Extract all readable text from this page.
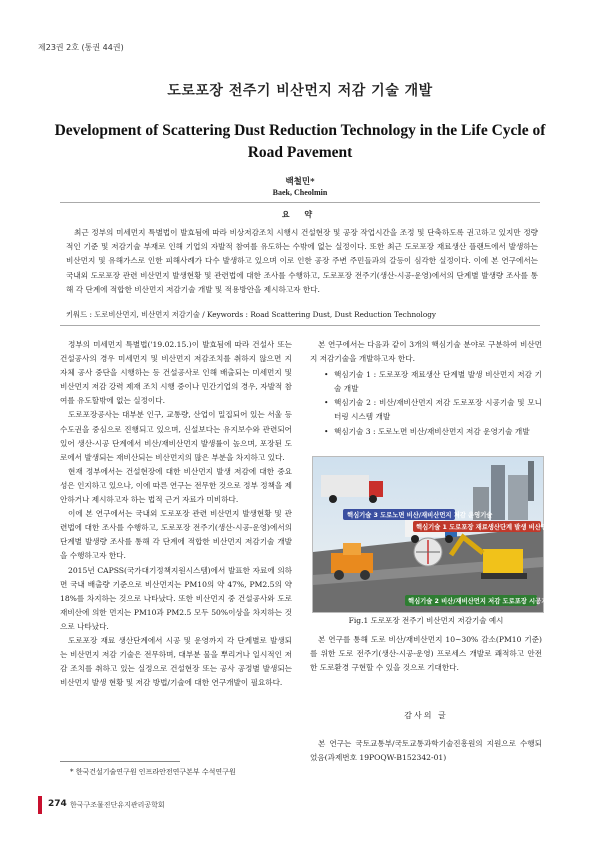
제23권 2호 (통권 44권)
도로포장 전주기 비산먼지 저감 기술 개발
Development of Scattering Dust Reduction Technology in the Life Cycle of
Road Pavement
백철민*
Baek, Cheolmin
요 약
최근 정부의 미세먼지 특별법이 발효됨에 따라 비상저감조치 시행시 건설현장 및 공장 작업시간을 조정 및 단축하도록 권고하고 있지만 정량적인 기준 및 저감기술 부재로 인해 기업의 자발적 참여를 유도하는 수밖에 없는 실정이다. 또한 최근 도로포장 재료생산 플랜트에서 발생하는 비산먼지 및 유해가스로 인한 피해사례가 다수 발생하고 있으며 이로 인한 공장 주변 주민들과의 갈등이 심각한 실정이다. 이에 본 연구에서는 국내외 도로포장 관련 비산먼지 발생현황 및 관련법에 대한 조사를 수행하고, 도로포장 전주기(생산-시공-운영)에서의 단계별 발생량 조사를 통해 각 단계에 적합한 비산먼지 저감기술 개발 및 적용방안을 제시하고자 한다.
키워드 : 도로비산먼지, 비산먼지 저감기술 / Keywords : Road Scattering Dust, Dust Reduction Technology

정부의 미세먼지 특별법('19.02.15.)이 발효됨에 따라 건설사 또는 건설공사의 경우 미세먼지 및 비산먼지 저감조치를 취하지 않으면 지자체 공사 중단을 시행하는 등 건설공사로 인해 배출되는 미세먼지 및 비산먼지 저감 강력 제재 조치 시행 중이나 민간기업의 경우, 자발적 참여를 유도할밖에 없는 실정이다.

도로포장공사는 대부분 인구, 교통량, 산업이 밀집되어 있는 서울 등 수도권을 중심으로 진행되고 있으며, 신설보다는 유지보수와 관련되어 있어 생산-시공 단계에서 비산/재비산먼지 발생률이 높으며, 포장된 도로에서 발생되는 재비산되는 비산먼지의 많은 부분을 차지하고 있다.

현재 정부에서는 건설현장에 대한 비산먼지 발생 저감에 대한 중요성은 인지하고 있으나, 이에 따른 연구는 전무한 것으로 정부 정책을 제안하거나 제시하고자 하는 법적 근거 자료가 미비하다.

이에 본 연구에서는 국내외 도로포장 관련 비산먼지 발생현황 및 관련법에 대한 조사를 수행하고, 도로포장 전주기(생산-시공-운영)에서의 단계별 발생량 조사를 통해 각 단계에 적합한 비산먼지 저감기술 개발을 수행하고자 한다.

2015년 CAPSS(국가대기정책지원시스템)에서 발표한 자료에 의하면 국내 배출량 기준으로 비산먼지는 PM10의 약 47%, PM2.5의 약 18%를 차지하는 것으로 나타났다. 또한 비산먼지 중 건설공사와 도로재비산에 의한 먼지는 PM10과 PM2.5 모두 50%이상을 차지하는 것으로 나타났다.

도로포장 재료 생산단계에서 시공 및 운영까지 각 단계별로 발생되는 비산먼지 저감 기술은 전무하며, 대부분 물을 뿌리거나 일시적인 저감 조치를 취하고 있는 실정으로 건설현장 또는 공사 공정별 발생되는 비산먼지 발생 현황 및 저감 방법/기술에 대한 연구개발이 필요하다.

본 연구에서는 다음과 같이 3개의 핵심기술 분야로 구분하여 비산먼지 저감기술을 개발하고자 한다.

• 핵심기술 1 : 도로포장 재료생산 단계별 발생 비산먼지 저감 기술 개발
• 핵심기술 2 : 비산/재비산먼지 저감 도로포장 시공기술 및 모니터링 시스템 개발
• 핵심기술 3 : 도로노면 비산/재비산먼지 저감 운영기술 개발
핵심기술 3 도로노면 비산/재비산먼지 저감 운영기술
핵심기술 1 도로포장 재료생산단계 발생 비산먼지 저감기술
핵심기술 2 비산/재비산먼지 저감 도로포장 시공기술
Fig.1 도로포장 전주기 비산먼지 저감기술 예시

본 연구를 통해 도로 비산/재비산먼지 10~30% 감소(PM10 기준)를 위한 도로 전주기(생산-시공-운영) 프로세스 개발로 쾌적하고 안전한 도로환경 구현할 수 있을 것으로 기대한다.

감사의 글

본 연구는 국토교통부/국토교통과학기술진흥원의 지원으로 수행되었음(과제번호 19POQW-B152342-01)

* 한국건설기술연구원 인프라안전연구본부 수석연구원
274 한국구조물진단유지관리공학회
